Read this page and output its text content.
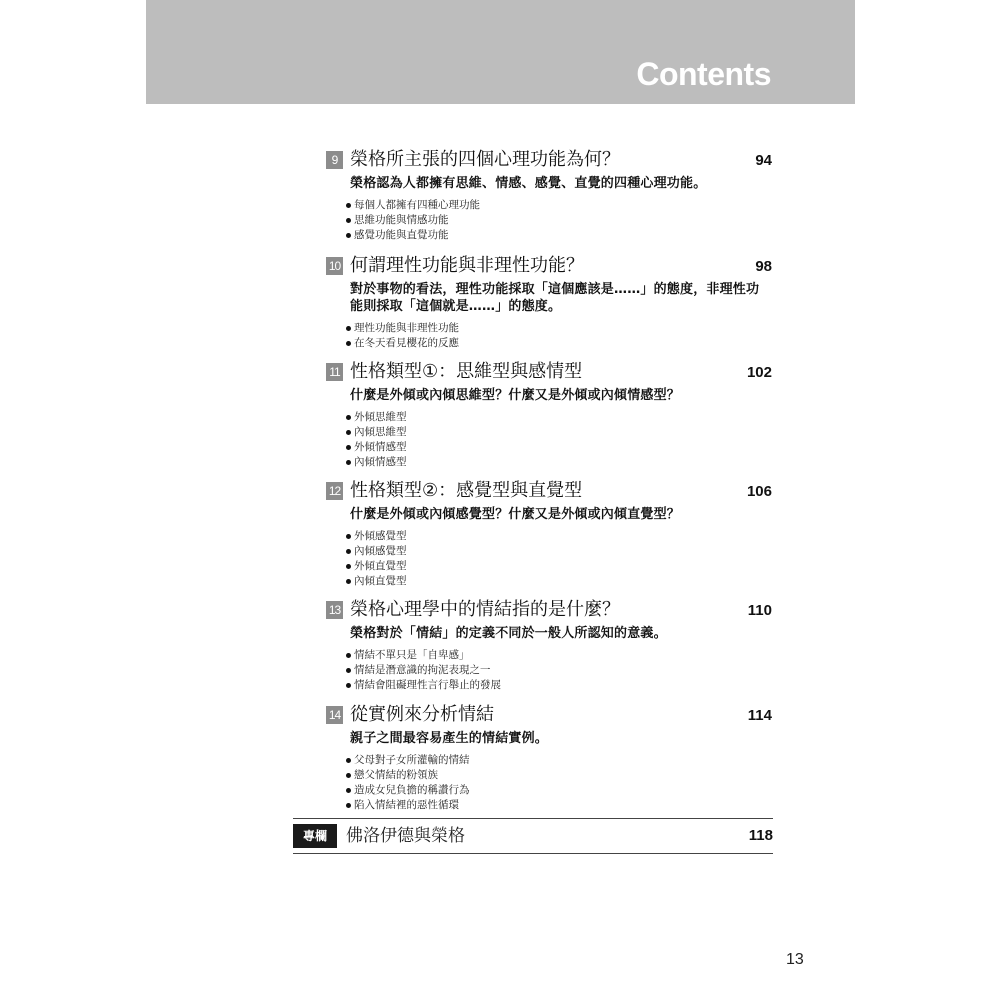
Contents
9 榮格所主張的四個心理功能為何？	94
榮格認為人都擁有思維、情感、感覺、直覺的四種心理功能。
每個人都擁有四種心理功能
思維功能與情感功能
感覺功能與直覺功能
10 何謂理性功能與非理性功能？	98
對於事物的看法，理性功能採取「這個應該是……」的態度，非理性功能則採取「這個就是……」的態度。
理性功能與非理性功能
在冬天看見櫻花的反應
11 性格類型①：思維型與感情型	102
什麼是外傾或內傾思維型？什麼又是外傾或內傾情感型？
外傾思維型
內傾思維型
外傾情感型
內傾情感型
12 性格類型②：感覺型與直覺型	106
什麼是外傾或內傾感覺型？什麼又是外傾或內傾直覺型？
外傾感覺型
內傾感覺型
外傾直覺型
內傾直覺型
13 榮格心理學中的情結指的是什麼？	110
榮格對於「情結」的定義不同於一般人所認知的意義。
情結不單只是「自卑感」
情結是潛意識的拘泥表現之一
情結會阻礙理性言行舉止的發展
14 從實例來分析情結	114
親子之間最容易產生的情結實例。
父母對子女所灌輸的情結
戀父情結的粉領族
造成女兒負擔的稱讚行為
陷入情結裡的惡性循環
專欄	佛洛伊德與榮格	118
13
